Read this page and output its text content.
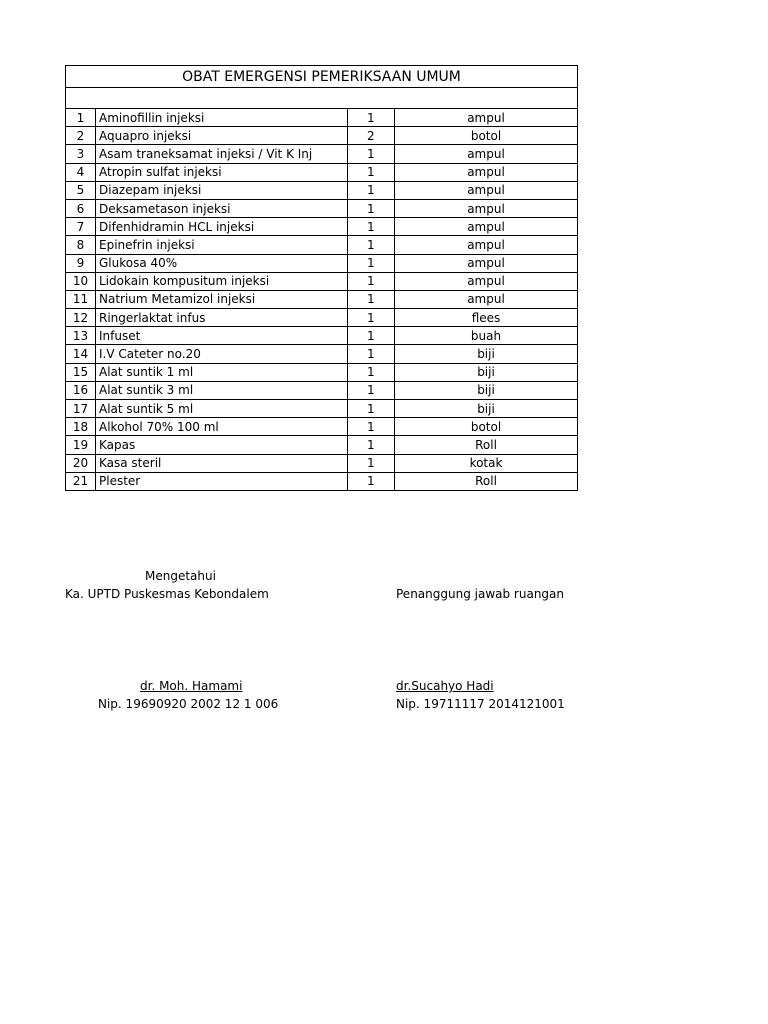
OBAT EMERGENSI PEMERIKSAAN UMUM			

1	Aminofillin injeksi	1	ampul
2	Aquapro injeksi	2	botol
3	Asam traneksamat injeksi / Vit K Inj	1	ampul
4	Atropin sulfat injeksi	1	ampul
5	Diazepam injeksi	1	ampul
6	Deksametason injeksi	1	ampul
7	Difenhidramin HCL injeksi	1	ampul
8	Epinefrin injeksi	1	ampul
9	Glukosa 40%	1	ampul
10	Lidokain kompusitum injeksi	1	ampul
11	Natrium Metamizol injeksi	1	ampul
12	Ringerlaktat infus	1	flees
13	Infuset	1	buah
14	I.V Cateter no.20	1	biji
15	Alat suntik 1 ml	1	biji
16	Alat suntik 3 ml	1	biji
17	Alat suntik 5 ml	1	biji
18	Alkohol 70% 100 ml	1	botol
19	Kapas	1	Roll
20	Kasa steril	1	kotak
21	Plester	1	Roll
Mengetahui
Ka. UPTD Puskesmas Kebondalem	Penanggung jawab ruangan
dr. Moh. Hamami
Nip. 19690920 2002 12 1 006
dr.Sucahyo Hadi
Nip. 19711117 2014121001
